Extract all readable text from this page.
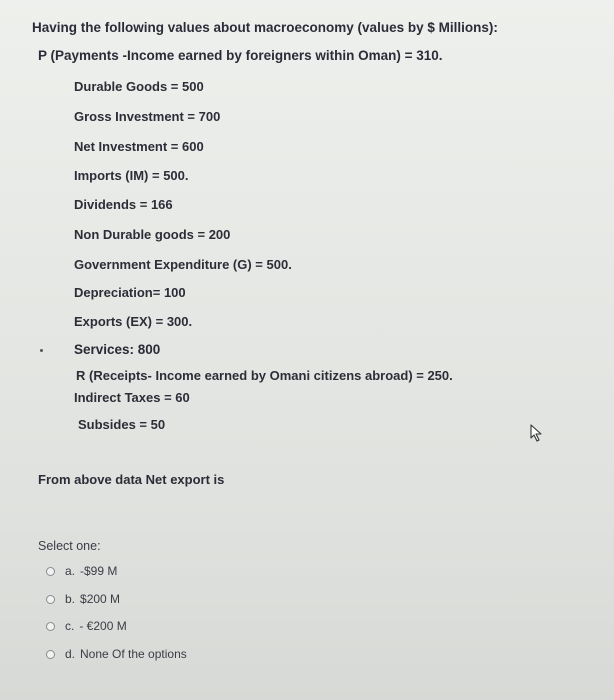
Having the following values about macroeconomy (values by $ Millions):
P (Payments -Income earned by foreigners within Oman) = 310.
Durable Goods = 500
Gross Investment = 700
Net Investment = 600
Imports (IM) = 500.
Dividends = 166
Non Durable goods = 200
Government Expenditure (G) = 500.
Depreciation= 100
Exports (EX) = 300.
Services: 800
R (Receipts- Income earned by Omani citizens abroad) = 250.
Indirect Taxes = 60
Subsides = 50
From above data Net export is
Select one:
a. -$99 M
b. $200 M
c. - €200 M
d. None Of the options
